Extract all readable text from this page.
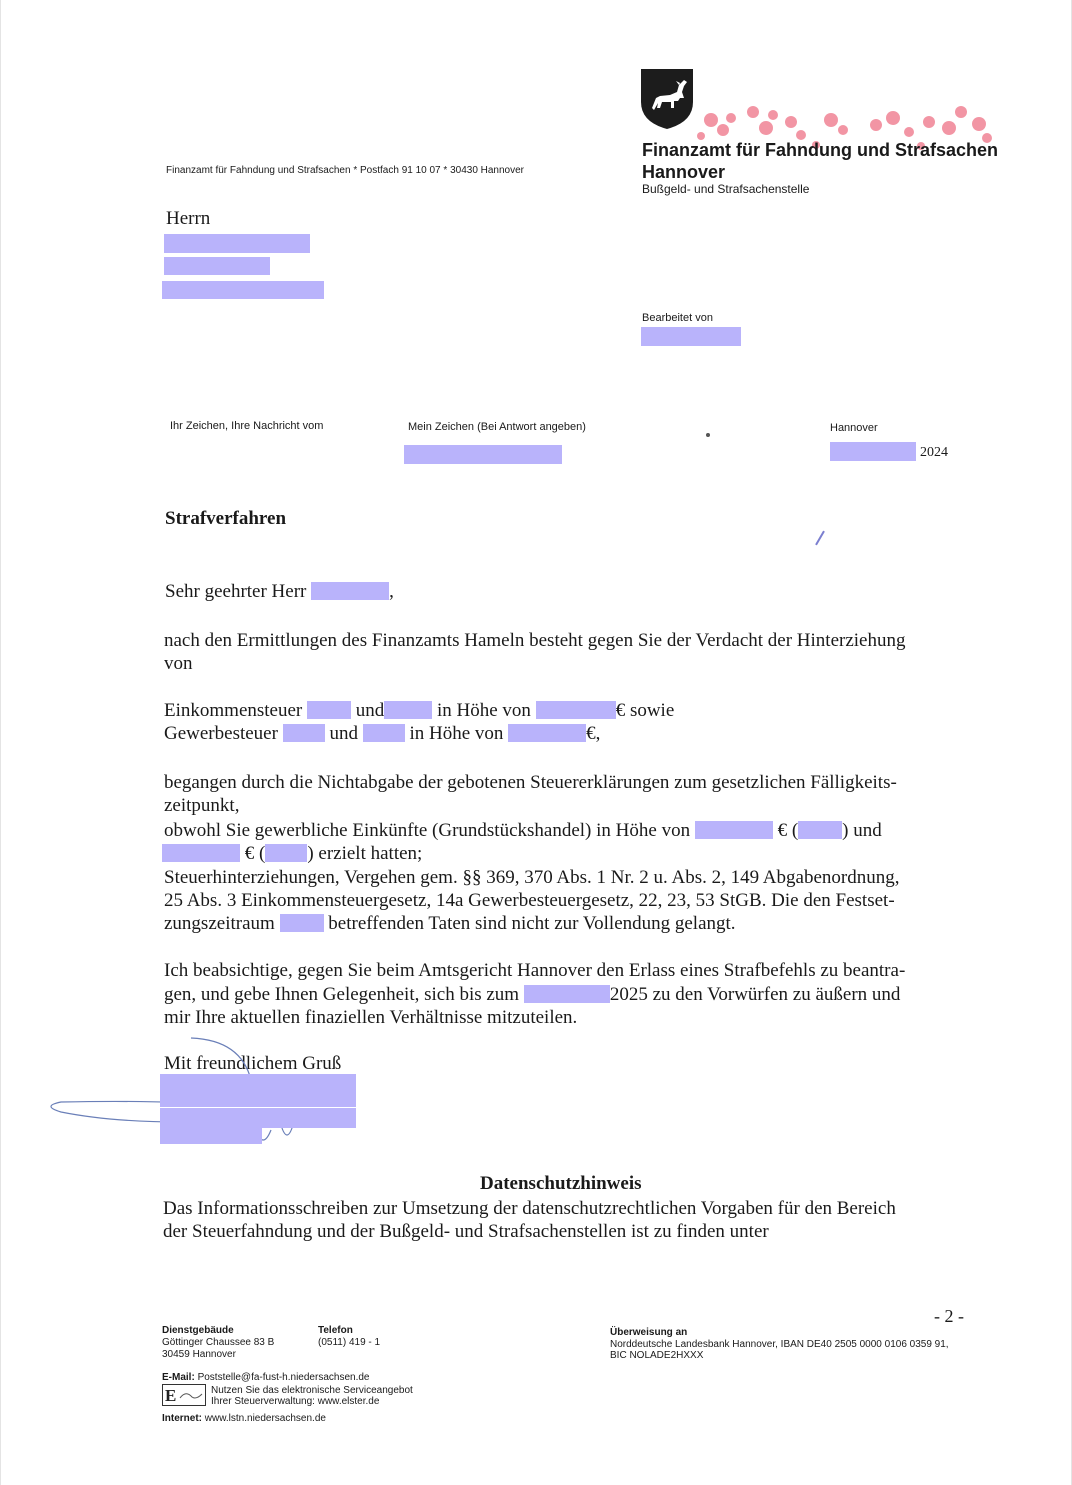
Finanzamt für Fahndung und Strafsachen * Postfach 91 10 07 * 30430 Hannover
Finanzamt für Fahndung und Strafsachen
Hannover
Bußgeld- und Strafsachenstelle
Herrn
Bearbeitet von
Ihr Zeichen, Ihre Nachricht vom	Mein Zeichen (Bei Antwort angeben)	Hannover
2024
Strafverfahren
Sehr geehrter Herr	,
nach den Ermittlungen des Finanzamts Hameln besteht gegen Sie der Verdacht der Hinterziehung
von
Einkommensteuer	und	in Höhe von	€ sowie
Gewerbesteuer	und	in Höhe von	€,
begangen durch die Nichtabgabe der gebotenen Steuererklärungen zum gesetzlichen Fälligkeits-
zeitpunkt,
obwohl Sie gewerbliche Einkünfte (Grundstückshandel) in Höhe von	€ ( ) und
€ ( ) erzielt hatten;
Steuerhinterziehungen, Vergehen gem. §§ 369, 370 Abs. 1 Nr. 2 u. Abs. 2, 149 Abgabenordnung,
25 Abs. 3 Einkommensteuergesetz, 14a Gewerbesteuergesetz, 22, 23, 53 StGB. Die den Festset-
zungszeitraum	betreffenden Taten sind nicht zur Vollendung gelangt.
Ich beabsichtige, gegen Sie beim Amtsgericht Hannover den Erlass eines Strafbefehls zu beantra-
gen, und gebe Ihnen Gelegenheit, sich bis zum	2025 zu den Vorwürfen zu äußern und
mir Ihre aktuellen finaziellen Verhältnisse mitzuteilen.
Mit freundlichem Gruß
Datenschutzhinweis
Das Informationsschreiben zur Umsetzung der datenschutzrechtlichen Vorgaben für den Bereich
der Steuerfahndung und der Bußgeld- und Strafsachenstellen ist zu finden unter
- 2 -
Dienstgebäude
Göttinger Chaussee 83 B
30459 Hannover
Telefon
(0511) 419 - 1
Überweisung an
Norddeutsche Landesbank Hannover, IBAN DE40 2505 0000 0106 0359 91,
BIC NOLADE2HXXX
E-Mail: Poststelle@fa-fust-h.niedersachsen.de
E	Nutzen Sie das elektronische Serviceangebot
Ihrer Steuerverwaltung: www.elster.de
Internet: www.lstn.niedersachsen.de
